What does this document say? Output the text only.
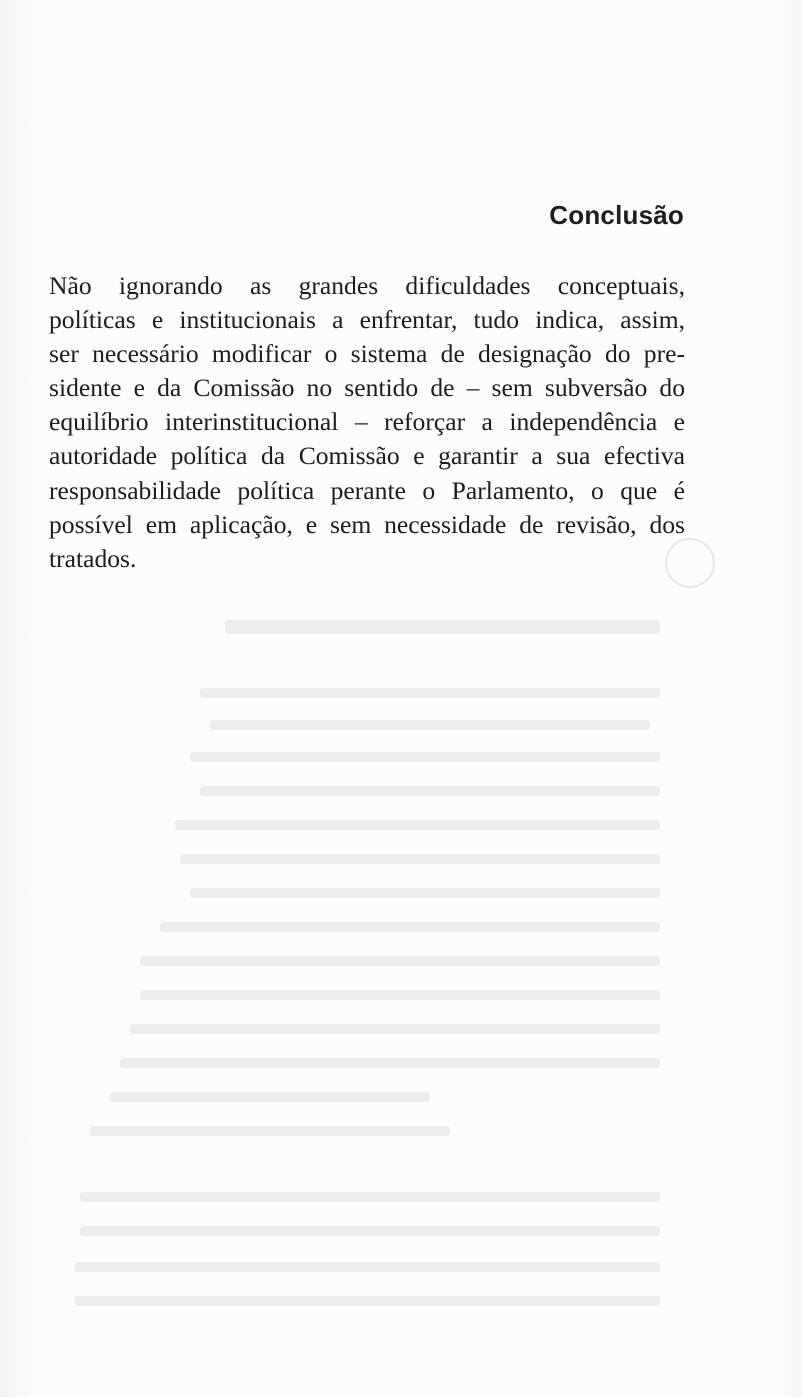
Conclusão

Não ignorando as grandes dificuldades conceptuais,
políticas e institucionais a enfrentar, tudo indica, assim,
ser necessário modificar o sistema de designação do pre-
sidente e da Comissão no sentido de – sem subversão do
equilíbrio interinstitucional – reforçar a independência e
autoridade política da Comissão e garantir a sua efectiva
responsabilidade política perante o Parlamento, o que é
possível em aplicação, e sem necessidade de revisão, dos
tratados.
